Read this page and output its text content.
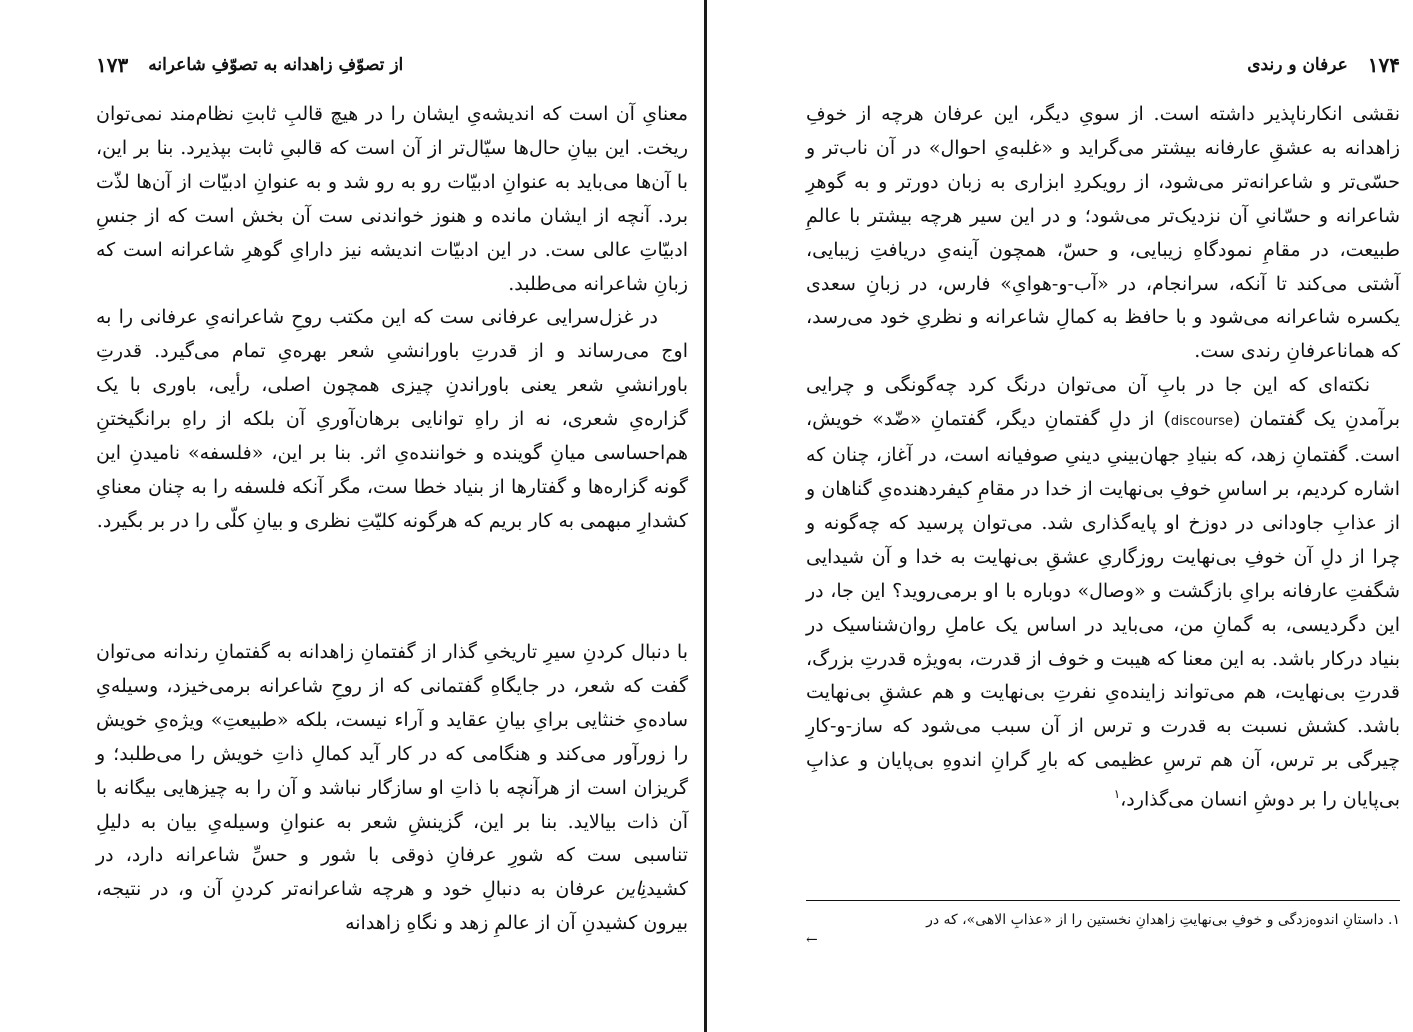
از تصوّفِ زاهدانه به تصوّفِ شاعرانه
۱۷۳

معنایِ آن است که اندیشه‌یِ ایشان را در هیچ قالبِ ثابتِ نظام‌مند نمی‌توان ریخت. این بیانِ حال‌ها سیّال‌تر از آن است که قالبیِ ثابت بپذیرد. بنا بر این، با آن‌ها می‌باید به عنوانِ ادبیّات رو به رو شد و به عنوانِ ادبیّات از آن‌ها لذّت برد. آنچه از ایشان مانده و هنوز خواندنی ست آن بخش است که از جنسِ ادبیّاتِ عالی ست. در این ادبیّات اندیشه نیز دارایِ گوهرِ شاعرانه است که زبانِ شاعرانه می‌طلبد.

در غزل‌سرایی عرفانی ست که این مکتب روحِ شاعرانه‌یِ عرفانی را به اوج می‌رساند و از قدرتِ باورانشیِ شعر بهره‌یِ تمام می‌گیرد. قدرتِ باورانشیِ شعر یعنی باوراندنِ چیزی همچون اصلی، رأیی، باوری با یک گزاره‌یِ شعری، نه از راهِ توانایی برهان‌آوریِ آن بلکه از راهِ برانگیختنِ هم‌احساسی میانِ گوینده و خواننده‌یِ اثر. بنا بر این، «فلسفه» نامیدنِ این گونه گزاره‌ها و گفتارها از بنیاد خطا ست، مگر آنکه فلسفه را به چنان معنایِ کشدارِ مبهمی به کار بریم که هرگونه کلیّتِ نظری و بیانِ کلّی را در بر بگیرد.

با دنبال کردنِ سیرِ تاریخیِ گذار از گفتمانِ زاهدانه به گفتمانِ رندانه می‌توان گفت که شعر، در جایگاهِ گفتمانی که از روحِ شاعرانه برمی‌خیزد، وسیله‌یِ ساده‌یِ خنثایی برایِ بیانِ عقاید و آراء نیست، بلکه «طبیعتِ» ویژه‌یِ خویش را زورآور می‌کند و هنگامی که در کار آید کمالِ ذاتِ خویش را می‌طلبد؛ و گریزان است از هرآنچه با ذاتِ او سازگار نباشد و آن را به چیزهایی بیگانه با آن ذات بیالاید. بنا بر این، گزینشِ شعر به عنوانِ وسیله‌یِ بیان به دلیلِ تناسبی ست که شورِ عرفانِ ذوقی با شور و حسِّ شاعرانه دارد، در کشیدنِاین عرفان به دنبالِ خود و هرچه شاعرانه‌تر کردنِ آن و، در نتیجه، بیرون کشیدنِ آن از عالمِ زهد و نگاهِ زاهدانه

۱۷۴
عرفان و رندی

نقشی انکارناپذیر داشته است. از سویِ دیگر، این عرفان هرچه از خوفِ زاهدانه به عشقِ عارفانه بیشتر می‌گراید و «غلبه‌یِ احوال» در آن ناب‌تر و حسّی‌تر و شاعرانه‌تر می‌شود، از رویکردِ ابزاری به زبان دورتر و به گوهرِ شاعرانه و حسّانیِ آن نزدیک‌تر می‌شود؛ و در این سیر هرچه بیشتر با عالمِ طبیعت، در مقامِ نمودگاهِ زیبایی، و حسّ، همچون آینه‌یِ دریافتِ زیبایی، آشتی می‌کند تا آنکه، سرانجام، در «آب-و-هوایِ» فارس، در زبانِ سعدی یکسره شاعرانه می‌شود و با حافظ به کمالِ شاعرانه و نظریِ خود می‌رسد، که هماناعرفانِ رندی ست.

نکته‌ای که این جا در بابِ آن می‌توان درنگ کرد چه‌گونگی و چرایی برآمدنِ یک گفتمان (discourse) از دلِ گفتمانِ دیگر، گفتمانِ «ضّد» خویش، است. گفتمانِ زهد، که بنیادِ جهان‌بینیِ دینیِ صوفیانه است، در آغاز، چنان که اشاره کردیم، بر اساسِ خوفِ بی‌نهایت از خدا در مقامِ کیفردهنده‌یِ گناهان و از عذابِ جاودانی در دوزخ او پایه‌گذاری شد. می‌توان پرسید که چه‌گونه و چرا از دلِ آن خوفِ بی‌نهایت روزگاریِ عشقِ بی‌نهایت به خدا و آن شیدایی شگفتِ عارفانه برایِ بازگشت و «وصال» دوباره با او برمی‌روید؟ این جا، در این دگردیسی، به گمانِ من، می‌باید در اساس یک عاملِ روان‌شناسیک در بنیاد درکار باشد. به این معنا که هیبت و خوف از قدرت، به‌ویژه قدرتِ بزرگ، قدرتِ بی‌نهایت، هم می‌تواند زاینده‌یِ نفرتِ بی‌نهایت و هم عشقِ بی‌نهایت باشد. کشش نسبت به قدرت و ترس از آن سبب می‌شود که ساز-و-کارِ چیرگی بر ترس، آن هم ترسِ عظیمی که بارِ گرانِ اندوهِ بی‌پایان و عذابِ بی‌پایان را بر دوشِ انسان می‌گذارد،$^۱$

۱. داستانِ اندوه‌زدگی و خوفِ بی‌نهایتِ زاهدانِ نخستین را از «عذابِ الاهی»، که در
←
